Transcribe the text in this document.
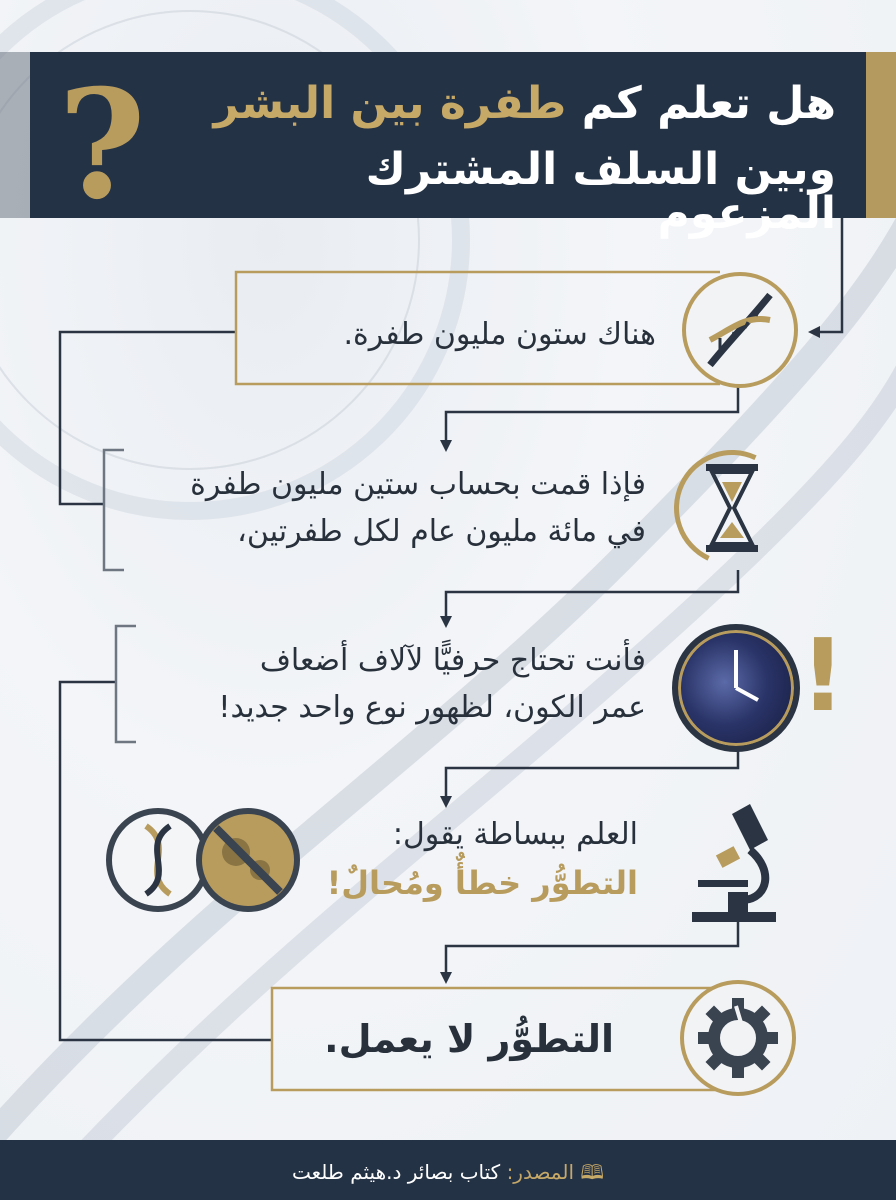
?	هل تعلم كم طفرة بين البشر
وبين السلف المشترك المزعوم
هناك ستون مليون طفرة.
فإذا قمت بحساب ستين مليون طفرة
في مائة مليون عام لكل طفرتين،
!
فأنت تحتاج حرفيًّا لآلاف أضعاف
عمر الكون، لظهور نوع واحد جديد!
العلم ببساطة يقول:
التطوُّر خطأٌ ومُحالٌ!
التطوُّر لا يعمل.
🕮 المصدر: كتاب بصائر د.هيثم طلعت
